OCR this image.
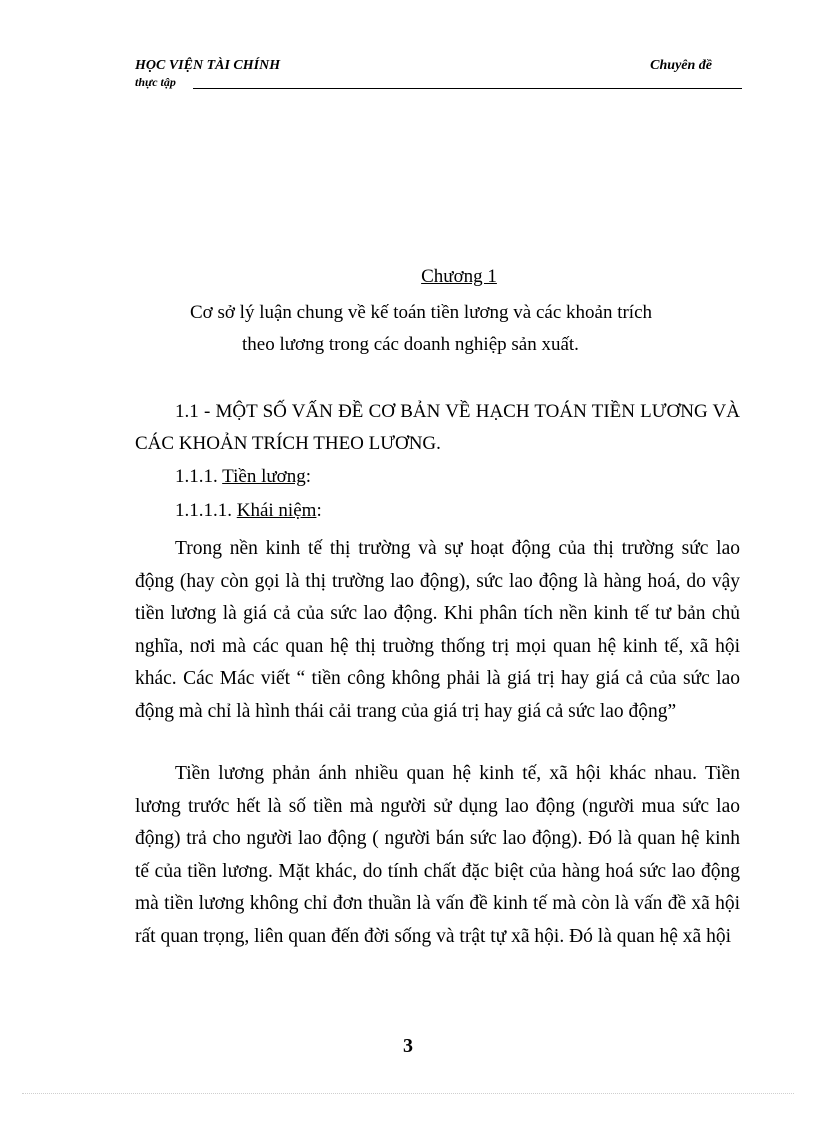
HỌC VIỆN TÀI CHÍNH	Chuyên đề
thực tập
Chương 1
Cơ sở lý luận chung về kế toán tiền lương và các khoản trích
theo lương trong các doanh nghiệp sản xuất.
1.1 - MỘT SỐ VẤN ĐỀ CƠ BẢN VỀ HẠCH TOÁN TIỀN LƯƠNG VÀ CÁC KHOẢN TRÍCH THEO LƯƠNG.
1.1.1. Tiền lương:
1.1.1.1. Khái niệm:

Trong nền kinh tế thị trường và sự hoạt động của thị trường sức lao động (hay còn gọi là thị trường lao động), sức lao động là hàng hoá, do vậy tiền lương là giá cả của sức lao động. Khi phân tích nền kinh tế tư bản chủ nghĩa, nơi mà các quan hệ thị truờng thống trị mọi quan hệ kinh tế, xã hội khác. Các Mác viết “ tiền công không phải là giá trị hay giá cả của sức lao động mà chỉ là hình thái cải trang của giá trị hay giá cả sức lao động”

Tiền lương phản ánh nhiều quan hệ kinh tế, xã hội khác nhau. Tiền lương trước hết là số tiền mà người sử dụng lao động (người mua sức lao động) trả cho người lao động ( người bán sức lao động). Đó là quan hệ kinh tế của tiền lương. Mặt khác, do tính chất đặc biệt của hàng hoá sức lao động mà tiền lương không chỉ đơn thuần là vấn đề kinh tế mà còn là vấn đề xã hội rất quan trọng, liên quan đến đời sống và trật tự xã hội. Đó là quan hệ xã hội

3
